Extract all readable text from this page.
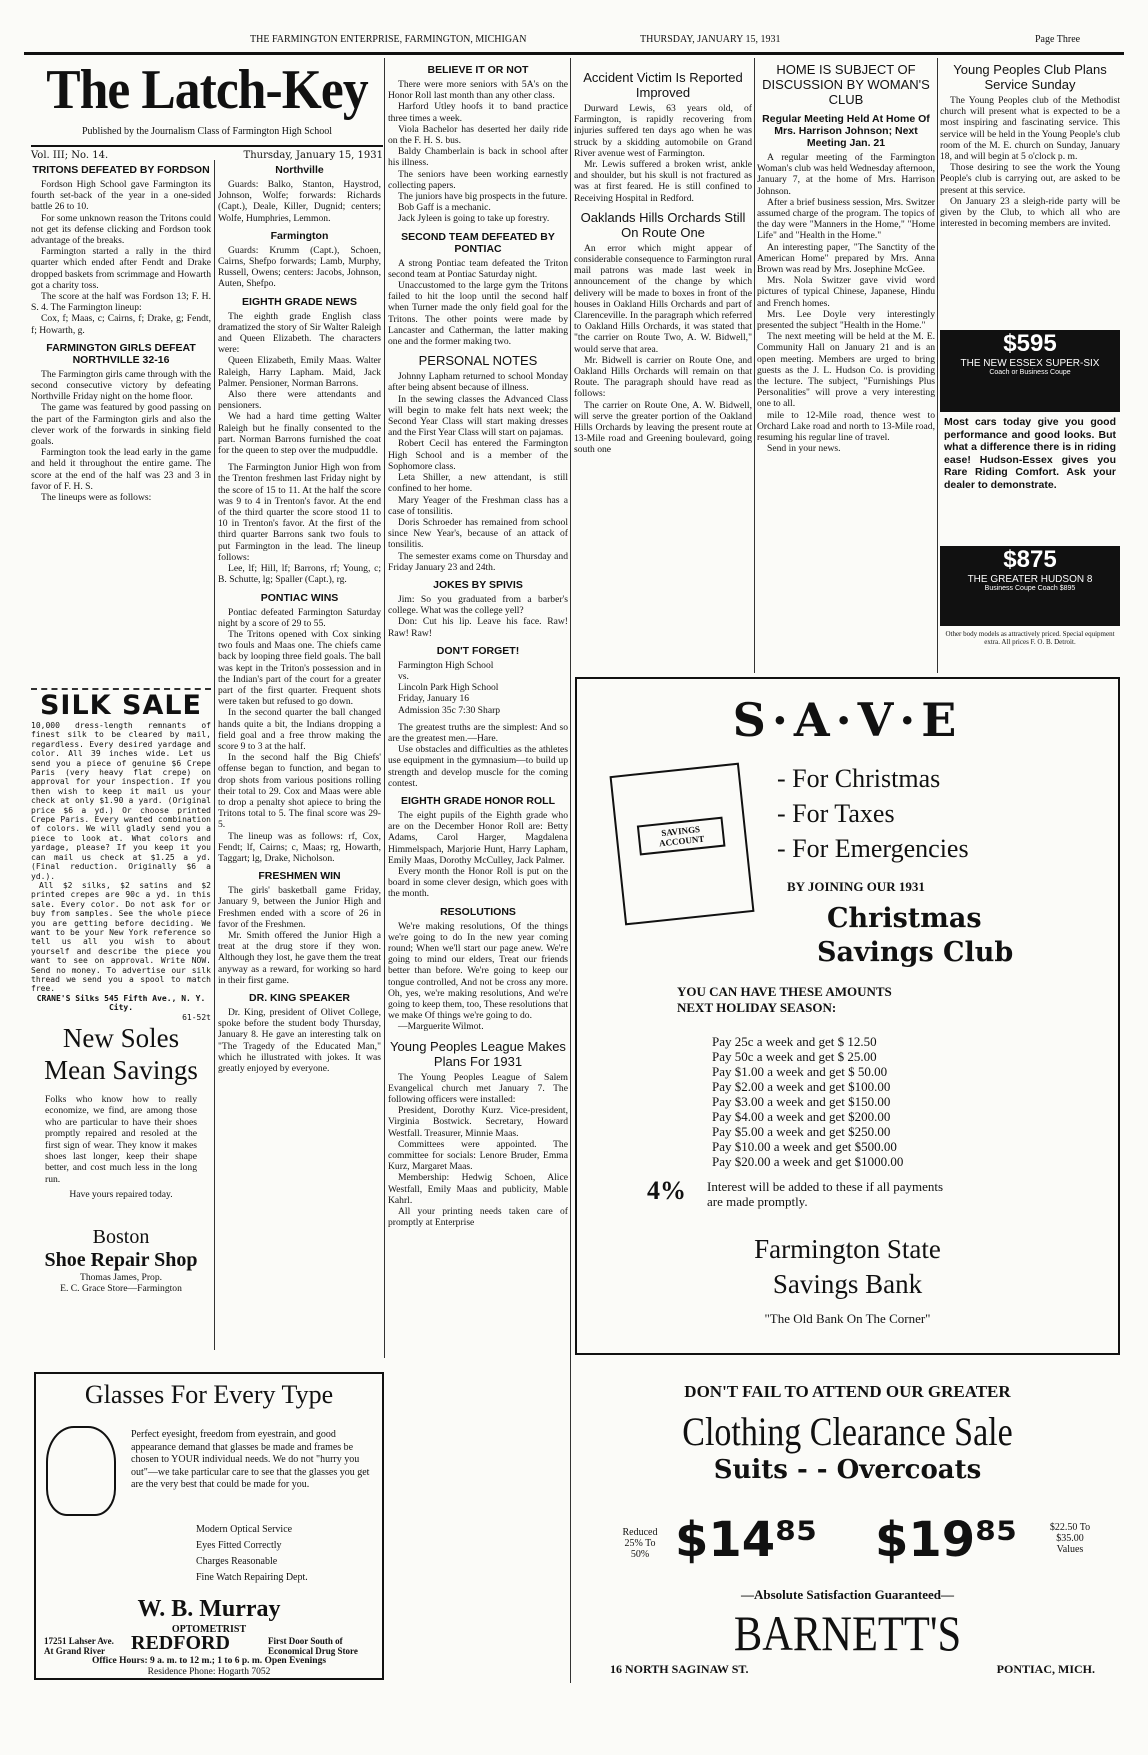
THE FARMINGTON ENTERPRISE, FARMINGTON, MICHIGAN	THURSDAY, JANUARY 15, 1931	Page Three
The Latch-Key
Published by the Journalism Class of Farmington High School
Vol. III; No. 14.	Thursday, January 15, 1931
TRITONS DEFEATED BY FORDSON
Fordson High School gave Farmington its fourth set-back of the year in a one-sided battle 26 to 10.
For some unknown reason the Tritons could not get its defense clicking and Fordson took advantage of the breaks.
Farmington started a rally in the third quarter which ended after Fendt and Drake dropped baskets from scrimmage and Howarth got a charity toss.
The score at the half was Fordson 13; F. H. S. 4. The Farmington lineup:
Cox, f; Maas, c; Cairns, f; Drake, g; Fendt, f; Howarth, g.
FARMINGTON GIRLS DEFEAT NORTHVILLE 32-16
The Farmington girls came through with the second consecutive victory by defeating Northville Friday night on the home floor.
The game was featured by good passing on the part of the Farmington girls and also the clever work of the forwards in sinking field goals.
Farmington took the lead early in the game and held it throughout the entire game. The score at the end of the half was 23 and 3 in favor of F. H. S.
The lineups were as follows:
Northville
Guards: Balko, Stanton, Haystrod, Johnson, Wolfe; forwards: Richards (Capt.), Deale, Killer, Dugnid; centers; Wolfe, Humphries, Lemmon.
Farmington
Guards: Krumm (Capt.), Schoen, Cairns, Shefpo forwards; Lamb, Murphy, Russell, Owens; centers: Jacobs, Johnson, Auten, Shefpo.
EIGHTH GRADE NEWS
The eighth grade English class dramatized the story of Sir Walter Raleigh and Queen Elizabeth. The characters were:
Queen Elizabeth, Emily Maas. Walter Raleigh, Harry Lapham. Maid, Jack Palmer. Pensioner, Norman Barrons.
Also there were attendants and pensioners.
We had a hard time getting Walter Raleigh but he finally consented to the part. Norman Barrons furnished the coat for the queen to step over the mudpuddle.
The Farmington Junior High won from the Trenton freshmen last Friday night by the score of 15 to 11. At the half the score was 9 to 4 in Trenton's favor. At the end of the third quarter the score stood 11 to 10 in Trenton's favor. At the first of the third quarter Barrons sank two fouls to put Farmington in the lead. The lineup follows:
Lee, lf; Hill, lf; Barrons, rf; Young, c; B. Schutte, lg; Spaller (Capt.), rg.
PONTIAC WINS
Pontiac defeated Farmington Saturday night by a score of 29 to 55.
The Tritons opened with Cox sinking two fouls and Maas one. The chiefs came back by looping three field goals. The ball was kept in the Triton's possession and in the Indian's part of the court for a greater part of the first quarter. Frequent shots were taken but refused to go down.
In the second quarter the ball changed hands quite a bit, the Indians dropping a field goal and a free throw making the score 9 to 3 at the half.
In the second half the Big Chiefs' offense began to function, and began to drop shots from various positions rolling their total to 29. Cox and Maas were able to drop a penalty shot apiece to bring the Tritons total to 5. The final score was 29-5.
The lineup was as follows: rf, Cox, Fendt; lf, Cairns; c, Maas; rg, Howarth, Taggart; lg, Drake, Nicholson.
FRESHMEN WIN
The girls' basketball game Friday, January 9, between the Junior High and Freshmen ended with a score of 26 in favor of the Freshmen.
Mr. Smith offered the Junior High a treat at the drug store if they won. Although they lost, he gave them the treat anyway as a reward, for working so hard in their first game.
DR. KING SPEAKER
Dr. King, president of Olivet College, spoke before the student body Thursday, January 8. He gave an interesting talk on "The Tragedy of the Educated Man," which he illustrated with jokes. It was greatly enjoyed by everyone.
BELIEVE IT OR NOT
There were more seniors with 5A's on the Honor Roll last month than any other class.
Harford Utley hoofs it to band practice three times a week.
Viola Bachelor has deserted her daily ride on the F. H. S. bus.
Baldy Chamberlain is back in school after his illness.
The seniors have been working earnestly collecting papers.
The juniors have big prospects in the future.
Bob Gaff is a mechanic.
Jack Jyleen is going to take up forestry.
SECOND TEAM DEFEATED BY PONTIAC
A strong Pontiac team defeated the Triton second team at Pontiac Saturday night.
Unaccustomed to the large gym the Tritons failed to hit the loop until the second half when Turner made the only field goal for the Tritons. The other points were made by Lancaster and Catherman, the latter making one and the former making two.
PERSONAL NOTES
Johnny Lapham returned to school Monday after being absent because of illness.
In the sewing classes the Advanced Class will begin to make felt hats next week; the Second Year Class will start making dresses and the First Year Class will start on pajamas.
Robert Cecil has entered the Farmington High School and is a member of the Sophomore class.
Leta Shiller, a new attendant, is still confined to her home.
Mary Yeager of the Freshman class has a case of tonsilitis.
Doris Schroeder has remained from school since New Year's, because of an attack of tonsilitis.
The semester exams come on Thursday and Friday January 23 and 24th.
JOKES BY SPIVIS
Jim: So you graduated from a barber's college. What was the college yell?
Don: Cut his lip. Leave his face. Raw! Raw! Raw!
DON'T FORGET!
Farmington High School
vs.
Lincoln Park High School
Friday, January 16
Admission 35c 7:30 Sharp
The greatest truths are the simplest: And so are the greatest men.—Hare.
Use obstacles and difficulties as the athletes use equipment in the gymnasium—to build up strength and develop muscle for the coming contest.
EIGHTH GRADE HONOR ROLL
The eight pupils of the Eighth grade who are on the December Honor Roll are: Betty Adams, Carol Harger, Magdalena Himmelspach, Marjorie Hunt, Harry Lapham, Emily Maas, Dorothy McCulley, Jack Palmer.
Every month the Honor Roll is put on the board in some clever design, which goes with the month.
RESOLUTIONS
We're making resolutions, Of the things we're going to do In the new year coming round; When we'll start our page anew. We're going to mind our elders, Treat our friends better than before. We're going to keep our tongue controlled, And not be cross any more. Oh, yes, we're making resolutions, And we're going to keep them, too, These resolutions that we make Of things we're going to do.
—Marguerite Wilmot.
Young Peoples League Makes Plans For 1931
The Young Peoples League of Salem Evangelical church met January 7. The following officers were installed:
President, Dorothy Kurz. Vice-president, Virginia Bostwick. Secretary, Howard Westfall. Treasurer, Minnie Maas.
Committees were appointed. The committee for socials: Lenore Bruder, Emma Kurz, Margaret Maas.
Membership: Hedwig Schoen, Alice Westfall, Emily Maas and publicity, Mable Kahrl.
All your printing needs taken care of promptly at Enterprise
Accident Victim Is Reported Improved
Durward Lewis, 63 years old, of Farmington, is rapidly recovering from injuries suffered ten days ago when he was struck by a skidding automobile on Grand River avenue west of Farmington.
Mr. Lewis suffered a broken wrist, ankle and shoulder, but his skull is not fractured as was at first feared. He is still confined to Receiving Hospital in Redford.
Oaklands Hills Orchards Still On Route One
An error which might appear of considerable consequence to Farmington rural mail patrons was made last week in announcement of the change by which delivery will be made to boxes in front of the houses in Oakland Hills Orchards and part of Clarenceville. In the paragraph which referred to Oakland Hills Orchards, it was stated that "the carrier on Route Two, A. W. Bidwell," would serve that area.
Mr. Bidwell is carrier on Route One, and Oakland Hills Orchards will remain on that Route. The paragraph should have read as follows:
The carrier on Route One, A. W. Bidwell, will serve the greater portion of the Oakland Hills Orchards by leaving the present route at 13-Mile road and Greening boulevard, going south one
HOME IS SUBJECT OF DISCUSSION BY WOMAN'S CLUB
Regular Meeting Held At Home Of Mrs. Harrison Johnson; Next Meeting Jan. 21
A regular meeting of the Farmington Woman's club was held Wednesday afternoon, January 7, at the home of Mrs. Harrison Johnson.
After a brief business session, Mrs. Switzer assumed charge of the program. The topics of the day were "Manners in the Home," "Home Life" and "Health in the Home."
An interesting paper, "The Sanctity of the American Home" prepared by Mrs. Anna Brown was read by Mrs. Josephine McGee.
Mrs. Nola Switzer gave vivid word pictures of typical Chinese, Japanese, Hindu and French homes.
Mrs. Lee Doyle very interestingly presented the subject "Health in the Home."
The next meeting will be held at the M. E. Community Hall on January 21 and is an open meeting. Members are urged to bring guests as the J. L. Hudson Co. is providing the lecture. The subject, "Furnishings Plus Personalities" will prove a very interesting one to all.
mile to 12-Mile road, thence west to Orchard Lake road and north to 13-Mile road, resuming his regular line of travel.
Send in your news.
Young Peoples Club Plans Service Sunday
The Young Peoples club of the Methodist church will present what is expected to be a most inspiring and fascinating service. This service will be held in the Young People's club room of the M. E. church on Sunday, January 18, and will begin at 5 o'clock p. m.
Those desiring to see the work the Young People's club is carrying out, are asked to be present at this service.
On January 23 a sleigh-ride party will be given by the Club, to which all who are interested in becoming members are invited.
SILK SALE
10,000 dress-length remnants of finest silk to be cleared by mail, regardless. Every desired yardage and color. All 39 inches wide. Let us send you a piece of genuine $6 Crepe Paris (very heavy flat crepe) on approval for your inspection. If you then wish to keep it mail us your check at only $1.90 a yard. (Original price $6 a yd.) Or choose printed Crepe Paris. Every wanted combination of colors. We will gladly send you a piece to look at. What colors and yardage, please? If you keep it you can mail us check at $1.25 a yd. (Final reduction. Originally $6 a yd.).
All $2 silks, $2 satins and $2 printed crepes are 90c a yd. in this sale. Every color. Do not ask for or buy from samples. See the whole piece you are getting before deciding. We want to be your New York reference so tell us all you wish to about yourself and describe the piece you want to see on approval. Write NOW. Send no money. To advertise our silk thread we send you a spool to match free.
CRANE'S Silks 545 Fifth Ave., N. Y. City.
61-52t
New Soles
Mean Savings
Folks who know how to really economize, we find, are among those who are particular to have their shoes promptly repaired and resoled at the first sign of wear. They know it makes shoes last longer, keep their shape better, and cost much less in the long run.
Have yours repaired today.
Boston
Shoe Repair Shop
Thomas James, Prop.
E. C. Grace Store—Farmington
$595
THE NEW ESSEX SUPER-SIX
Coach or Business Coupe
Most cars today give you good performance and good looks. But what a difference there is in riding ease! Hudson-Essex gives you Rare Riding Comfort. Ask your dealer to demonstrate.
$875
THE GREATER HUDSON 8
Business Coupe Coach $895
Other body models as attractively priced. Special equipment extra. All prices F. O. B. Detroit.
S·A·V·E
- For Christmas
- For Taxes
- For Emergencies
SAVINGS ACCOUNT
BY JOINING OUR 1931
Christmas
Savings Club
YOU CAN HAVE THESE AMOUNTS
NEXT HOLIDAY SEASON:
Pay 25c a week and get $ 12.50
Pay 50c a week and get $ 25.00
Pay $1.00 a week and get $ 50.00
Pay $2.00 a week and get $100.00
Pay $3.00 a week and get $150.00
Pay $4.00 a week and get $200.00
Pay $5.00 a week and get $250.00
Pay $10.00 a week and get $500.00
Pay $20.00 a week and get $1000.00
4% Interest will be added to these if all payments are made promptly.
Farmington State
Savings Bank
"The Old Bank On The Corner"
Glasses For Every Type
Perfect eyesight, freedom from eyestrain, and good appearance demand that glasses be made and frames be chosen to YOUR individual needs. We do not "hurry you out"—we take particular care to see that the glasses you get are the very best that could be made for you.
Modern Optical Service
Eyes Fitted Correctly
Charges Reasonable
Fine Watch Repairing Dept.
W. B. Murray
OPTOMETRIST
17251 Lahser Ave. At Grand River	REDFORD	First Door South of Economical Drug Store
Office Hours: 9 a. m. to 12 m.; 1 to 6 p. m. Open Evenings
Residence Phone: Hogarth 7052
DON'T FAIL TO ATTEND OUR GREATER
Clothing Clearance Sale
Suits - - Overcoats
Reduced 25% To 50% $14⁸⁵ $19⁸⁵	$22.50 To $35.00 Values
—Absolute Satisfaction Guaranteed—
BARNETT'S
16 NORTH SAGINAW ST.	PONTIAC, MICH.
